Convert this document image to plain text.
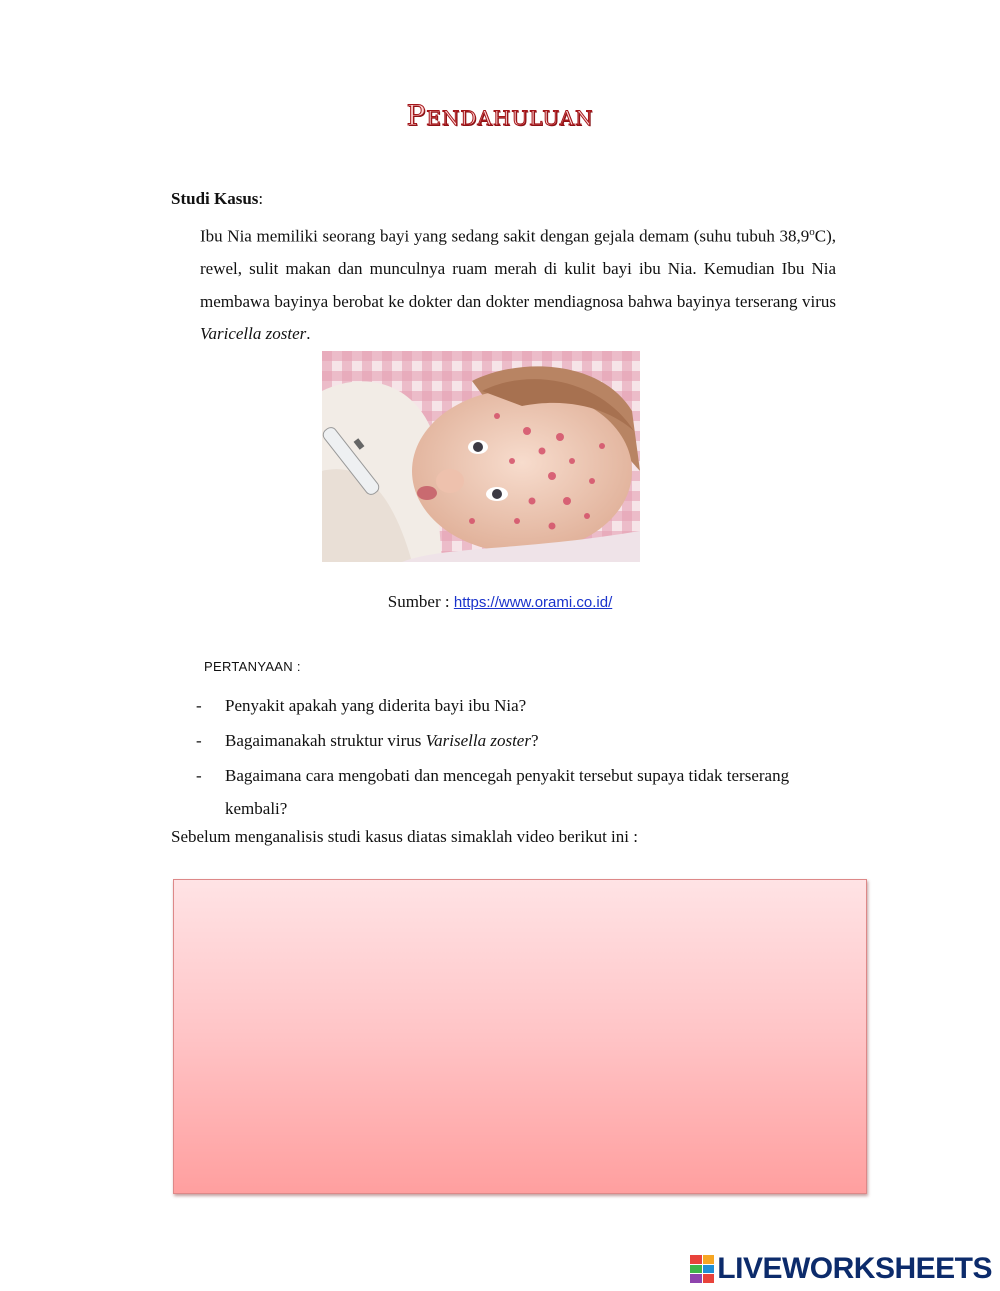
Pendahuluan
Studi Kasus:
Ibu Nia memiliki seorang bayi yang sedang sakit dengan gejala demam (suhu tubuh 38,9$^o$C), rewel, sulit makan dan munculnya ruam merah di kulit bayi ibu Nia. Kemudian Ibu Nia membawa bayinya berobat ke dokter dan dokter mendiagnosa bahwa bayinya terserang virus Varicella zoster.
Sumber : https://www.orami.co.id/
PERTANYAAN :
- Penyakit apakah yang diderita bayi ibu Nia?
- Bagaimanakah struktur virus Varisella zoster?
- Bagaimana cara mengobati dan mencegah penyakit tersebut supaya tidak terserang kembali?
Sebelum menganalisis studi kasus diatas simaklah video berikut ini :
LIVEWORKSHEETS
